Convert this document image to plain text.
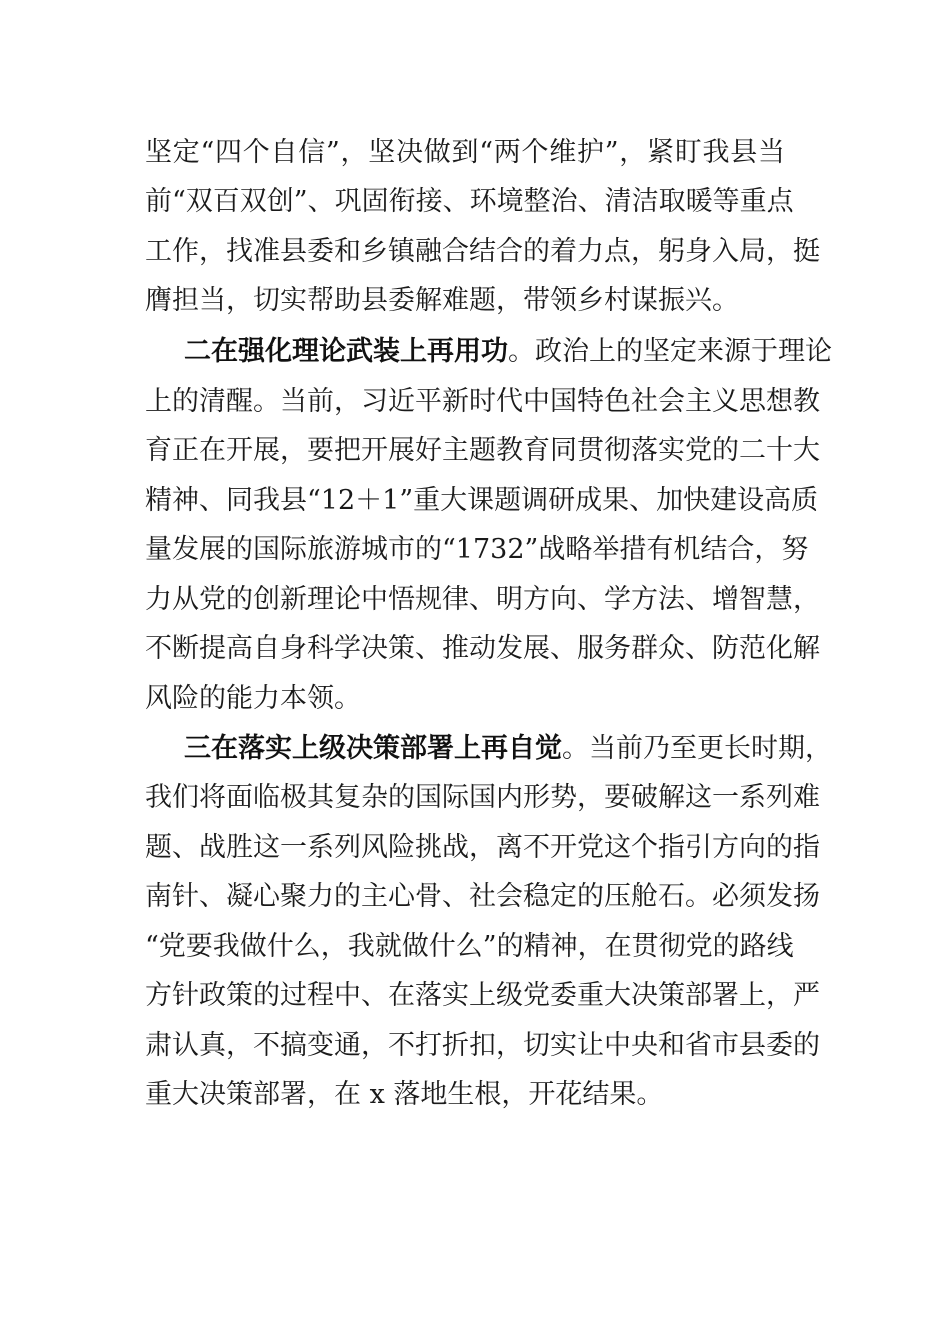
坚定“四个自信”，坚决做到“两个维护”，紧盯我县当
前“双百双创”、巩固衔接、环境整治、清洁取暖等重点
工作，找准县委和乡镇融合结合的着力点，躬身入局，挺
膺担当，切实帮助县委解难题，带领乡村谋振兴。
二在强化理论武装上再用功。政治上的坚定来源于理论
上的清醒。当前，习近平新时代中国特色社会主义思想教
育正在开展，要把开展好主题教育同贯彻落实党的二十大
精神、同我县“12＋1”重大课题调研成果、加快建设高质
量发展的国际旅游城市的“1732”战略举措有机结合，努
力从党的创新理论中悟规律、明方向、学方法、增智慧，
不断提高自身科学决策、推动发展、服务群众、防范化解
风险的能力本领。
三在落实上级决策部署上再自觉。当前乃至更长时期，
我们将面临极其复杂的国际国内形势，要破解这一系列难
题、战胜这一系列风险挑战，离不开党这个指引方向的指
南针、凝心聚力的主心骨、社会稳定的压舱石。必须发扬
“党要我做什么，我就做什么”的精神，在贯彻党的路线
方针政策的过程中、在落实上级党委重大决策部署上，严
肃认真，不搞变通，不打折扣，切实让中央和省市县委的
重大决策部署，在 x 落地生根，开花结果。
